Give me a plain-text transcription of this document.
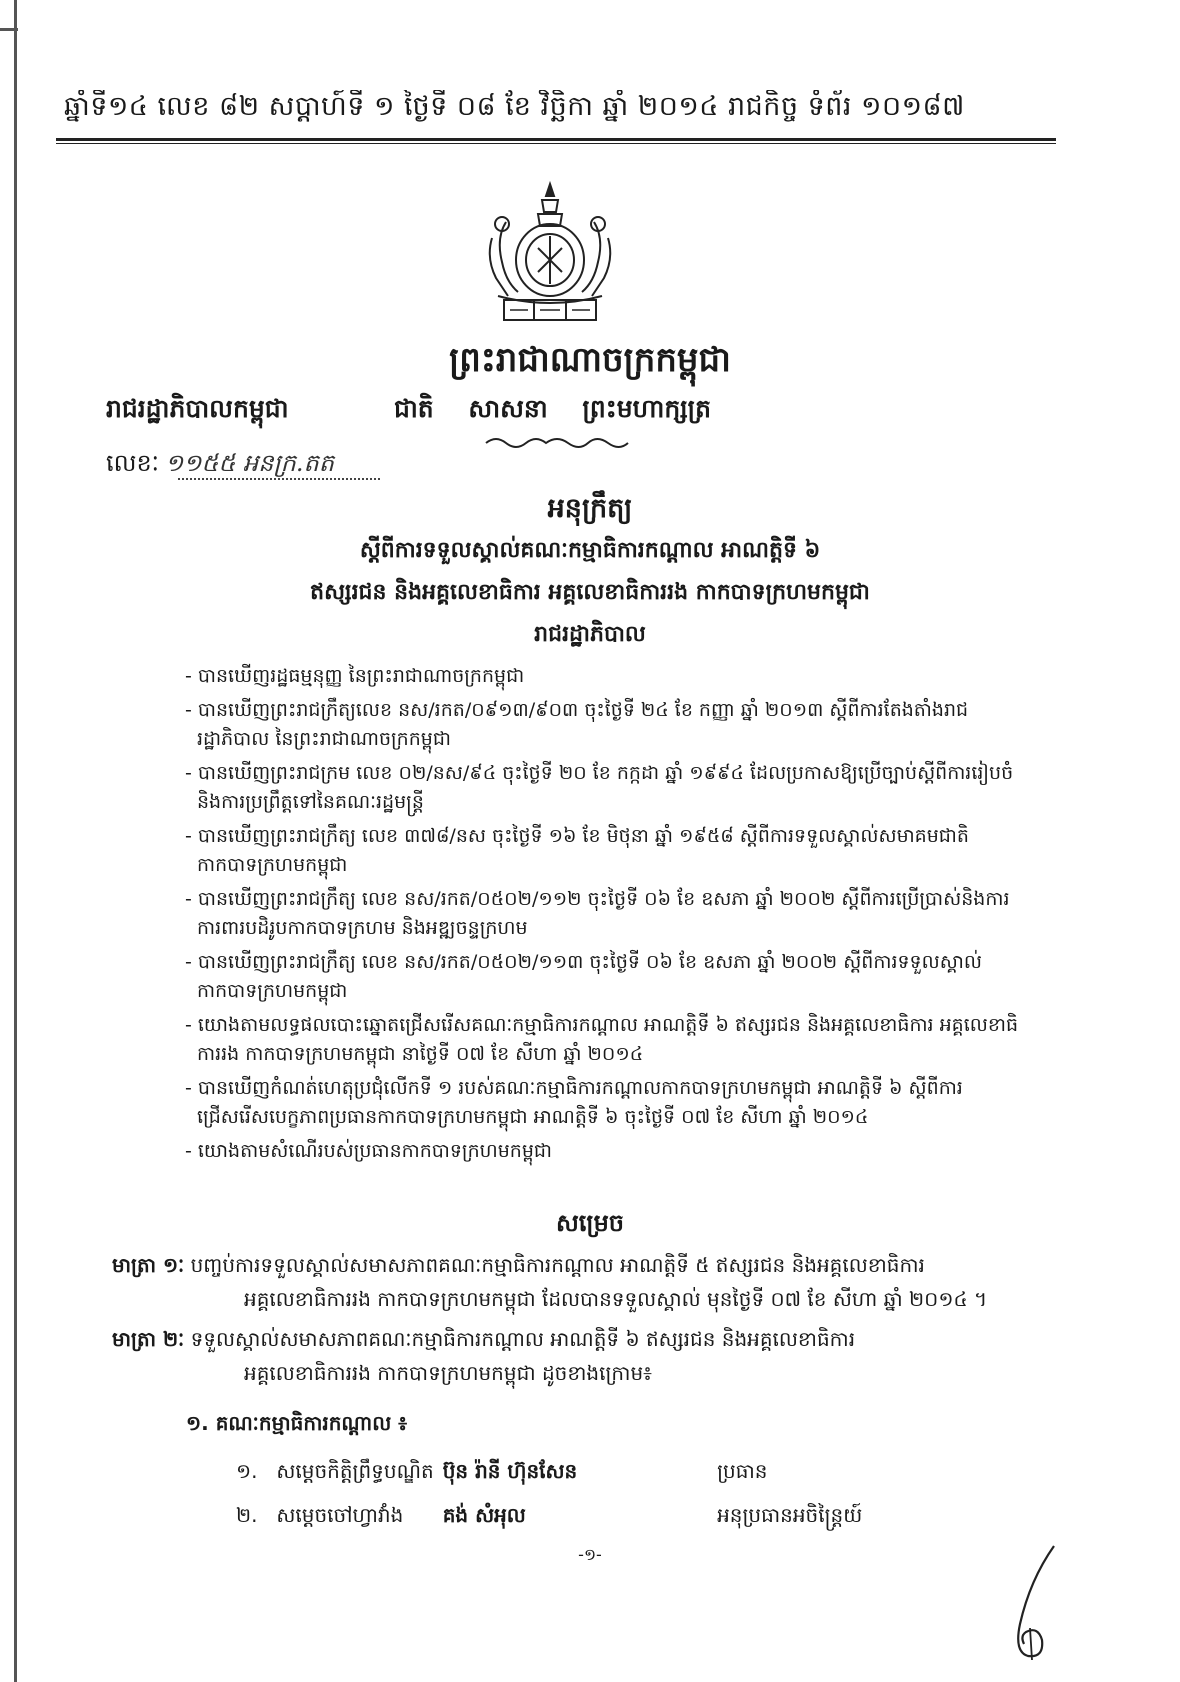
ឆ្នាំទី១៤ លេខ ៨២ សប្តាហ៍ទី ១ ថ្ងៃទី ០៨ ខែ វិច្ឆិកា ឆ្នាំ ២០១៤ រាជកិច្ច ទំព័រ ១០១៨៧
ព្រះរាជាណាចក្រកម្ពុជា
រាជរដ្ឋាភិបាលកម្ពុជា	ជាតិ សាសនា ព្រះមហាក្សត្រ
លេខៈ ១១៥៥ អនក្រ.តត
អនុក្រឹត្យ
ស្តីពីការទទួលស្គាល់គណៈកម្មាធិការកណ្តាល អាណត្តិទី ៦
ឥស្សរជន និងអគ្គលេខាធិការ អគ្គលេខាធិការរង កាកបាទក្រហមកម្ពុជា
រាជរដ្ឋាភិបាល
- បានឃើញរដ្ឋធម្មនុញ្ញ នៃព្រះរាជាណាចក្រកម្ពុជា
- បានឃើញព្រះរាជក្រឹត្យលេខ នស/រកត/០៩១៣/៩០៣ ចុះថ្ងៃទី ២៤ ខែ កញ្ញា ឆ្នាំ ២០១៣ ស្តីពីការតែងតាំងរាជរដ្ឋាភិបាល នៃព្រះរាជាណាចក្រកម្ពុជា
- បានឃើញព្រះរាជក្រម លេខ ០២/នស/៩៤ ចុះថ្ងៃទី ២០ ខែ កក្កដា ឆ្នាំ ១៩៩៤ ដែលប្រកាសឱ្យប្រើច្បាប់ស្តីពីការរៀបចំ និងការប្រព្រឹត្តទៅនៃគណៈរដ្ឋមន្ត្រី
- បានឃើញព្រះរាជក្រឹត្យ លេខ ៣៧៨/នស ចុះថ្ងៃទី ១៦ ខែ មិថុនា ឆ្នាំ ១៩៥៨ ស្តីពីការទទួលស្គាល់សមាគមជាតិកាកបាទក្រហមកម្ពុជា
- បានឃើញព្រះរាជក្រឹត្យ លេខ នស/រកត/០៥០២/១១២ ចុះថ្ងៃទី ០៦ ខែ ឧសភា ឆ្នាំ ២០០២ ស្តីពីការប្រើប្រាស់និងការការពារបដិរូបកាកបាទក្រហម និងអឌ្ឍចន្ទក្រហម
- បានឃើញព្រះរាជក្រឹត្យ លេខ នស/រកត/០៥០២/១១៣ ចុះថ្ងៃទី ០៦ ខែ ឧសភា ឆ្នាំ ២០០២ ស្តីពីការទទួលស្គាល់កាកបាទក្រហមកម្ពុជា
- យោងតាមលទ្ធផលបោះឆ្នោតជ្រើសរើសគណៈកម្មាធិការកណ្តាល អាណត្តិទី ៦ ឥស្សរជន និងអគ្គលេខាធិការ អគ្គលេខាធិការរង កាកបាទក្រហមកម្ពុជា នាថ្ងៃទី ០៧ ខែ សីហា ឆ្នាំ ២០១៤
- បានឃើញកំណត់ហេតុប្រជុំលើកទី ១ របស់គណៈកម្មាធិការកណ្តាលកាកបាទក្រហមកម្ពុជា អាណត្តិទី ៦ ស្តីពីការជ្រើសរើសបេក្ខភាពប្រធានកាកបាទក្រហមកម្ពុជា អាណត្តិទី ៦ ចុះថ្ងៃទី ០៧ ខែ សីហា ឆ្នាំ ២០១៤
- យោងតាមសំណើរបស់ប្រធានកាកបាទក្រហមកម្ពុជា
សម្រេច
មាត្រា ១ៈ បញ្ចប់ការទទួលស្គាល់សមាសភាពគណៈកម្មាធិការកណ្តាល អាណត្តិទី ៥ ឥស្សរជន និងអគ្គលេខាធិការ
អគ្គលេខាធិការរង កាកបាទក្រហមកម្ពុជា ដែលបានទទួលស្គាល់ មុនថ្ងៃទី ០៧ ខែ សីហា ឆ្នាំ ២០១៤ ។
មាត្រា ២ៈ ទទួលស្គាល់សមាសភាពគណៈកម្មាធិការកណ្តាល អាណត្តិទី ៦ ឥស្សរជន និងអគ្គលេខាធិការ
អគ្គលេខាធិការរង កាកបាទក្រហមកម្ពុជា ដូចខាងក្រោម៖
១. គណៈកម្មាធិការកណ្តាល ៖
១. សម្តេចកិត្តិព្រឹទ្ធបណ្ឌិត ប៊ុន រ៉ានី ហ៊ុនសែន	ប្រធាន
២. សម្តេចចៅហ្វាវាំង គង់ សំអុល	អនុប្រធានអចិន្ត្រៃយ៍
-១-
